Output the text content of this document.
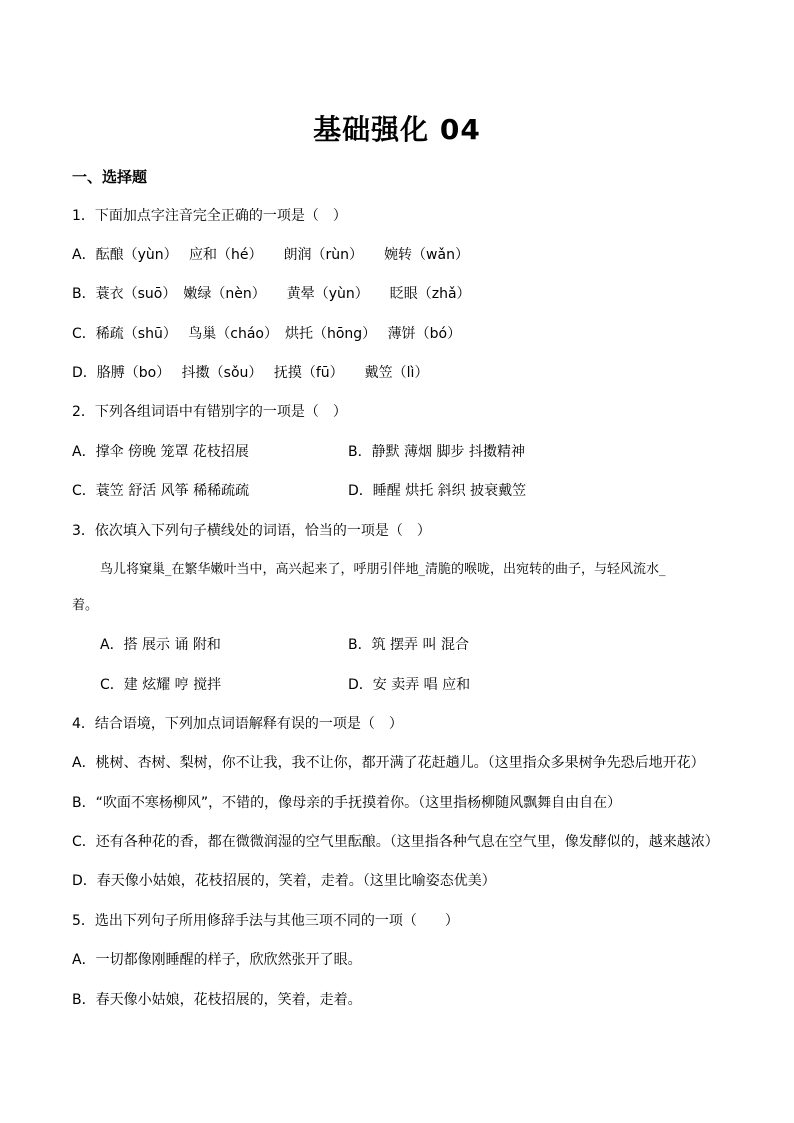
基础强化 04
一、选择题
1．下面加点字注音完全正确的一项是（　）
A．酝酿（yùn）　 应和（hé）　　朗润（rùn）　　婉转（wǎn）
B．蓑衣（suō）　嫩绿（nèn）　　黄晕（yùn）　　眨眼（zhǎ）
C．稀疏（shū）　 鸟巢（cháo）　烘托（hōng）　 薄饼（bó）
D．胳膊（bo）　 抖擞（sǒu）　 抚摸（fū）　　戴笠（lì）
2．下列各组词语中有错别字的一项是（　）
A．撑伞 傍晚 笼罩 花枝招展	B．静默 薄烟 脚步 抖擞精神
C．蓑笠 舒活 风筝 稀稀疏疏	D．睡醒 烘托 斜织 披衰戴笠
3．依次填入下列句子横线处的词语，恰当的一项是（　）
鸟儿将窠巢_在繁华嫩叶当中，高兴起来了，呼朋引伴地_清脆的喉咙，出宛转的曲子，与轻风流水_
着。
A．搭 展示 诵 附和	B．筑 摆弄 叫 混合
C．建 炫耀 哼 搅拌	D．安 卖弄 唱 应和
4．结合语境，下列加点词语解释有误的一项是（　）
A．桃树、杏树、梨树，你不让我，我不让你，都开满了花赶趟儿。（这里指众多果树争先恐后地开花）
B．“吹面不寒杨柳风”，不错的，像母亲的手抚摸着你。（这里指杨柳随风飘舞自由自在）
C．还有各种花的香，都在微微润湿的空气里酝酿。（这里指各种气息在空气里，像发酵似的，越来越浓）
D．春天像小姑娘，花枝招展的，笑着，走着。（这里比喻姿态优美）
5．选出下列句子所用修辞手法与其他三项不同的一项（　　）
A．一切都像刚睡醒的样子，欣欣然张开了眼。
B．春天像小姑娘，花枝招展的，笑着，走着。
